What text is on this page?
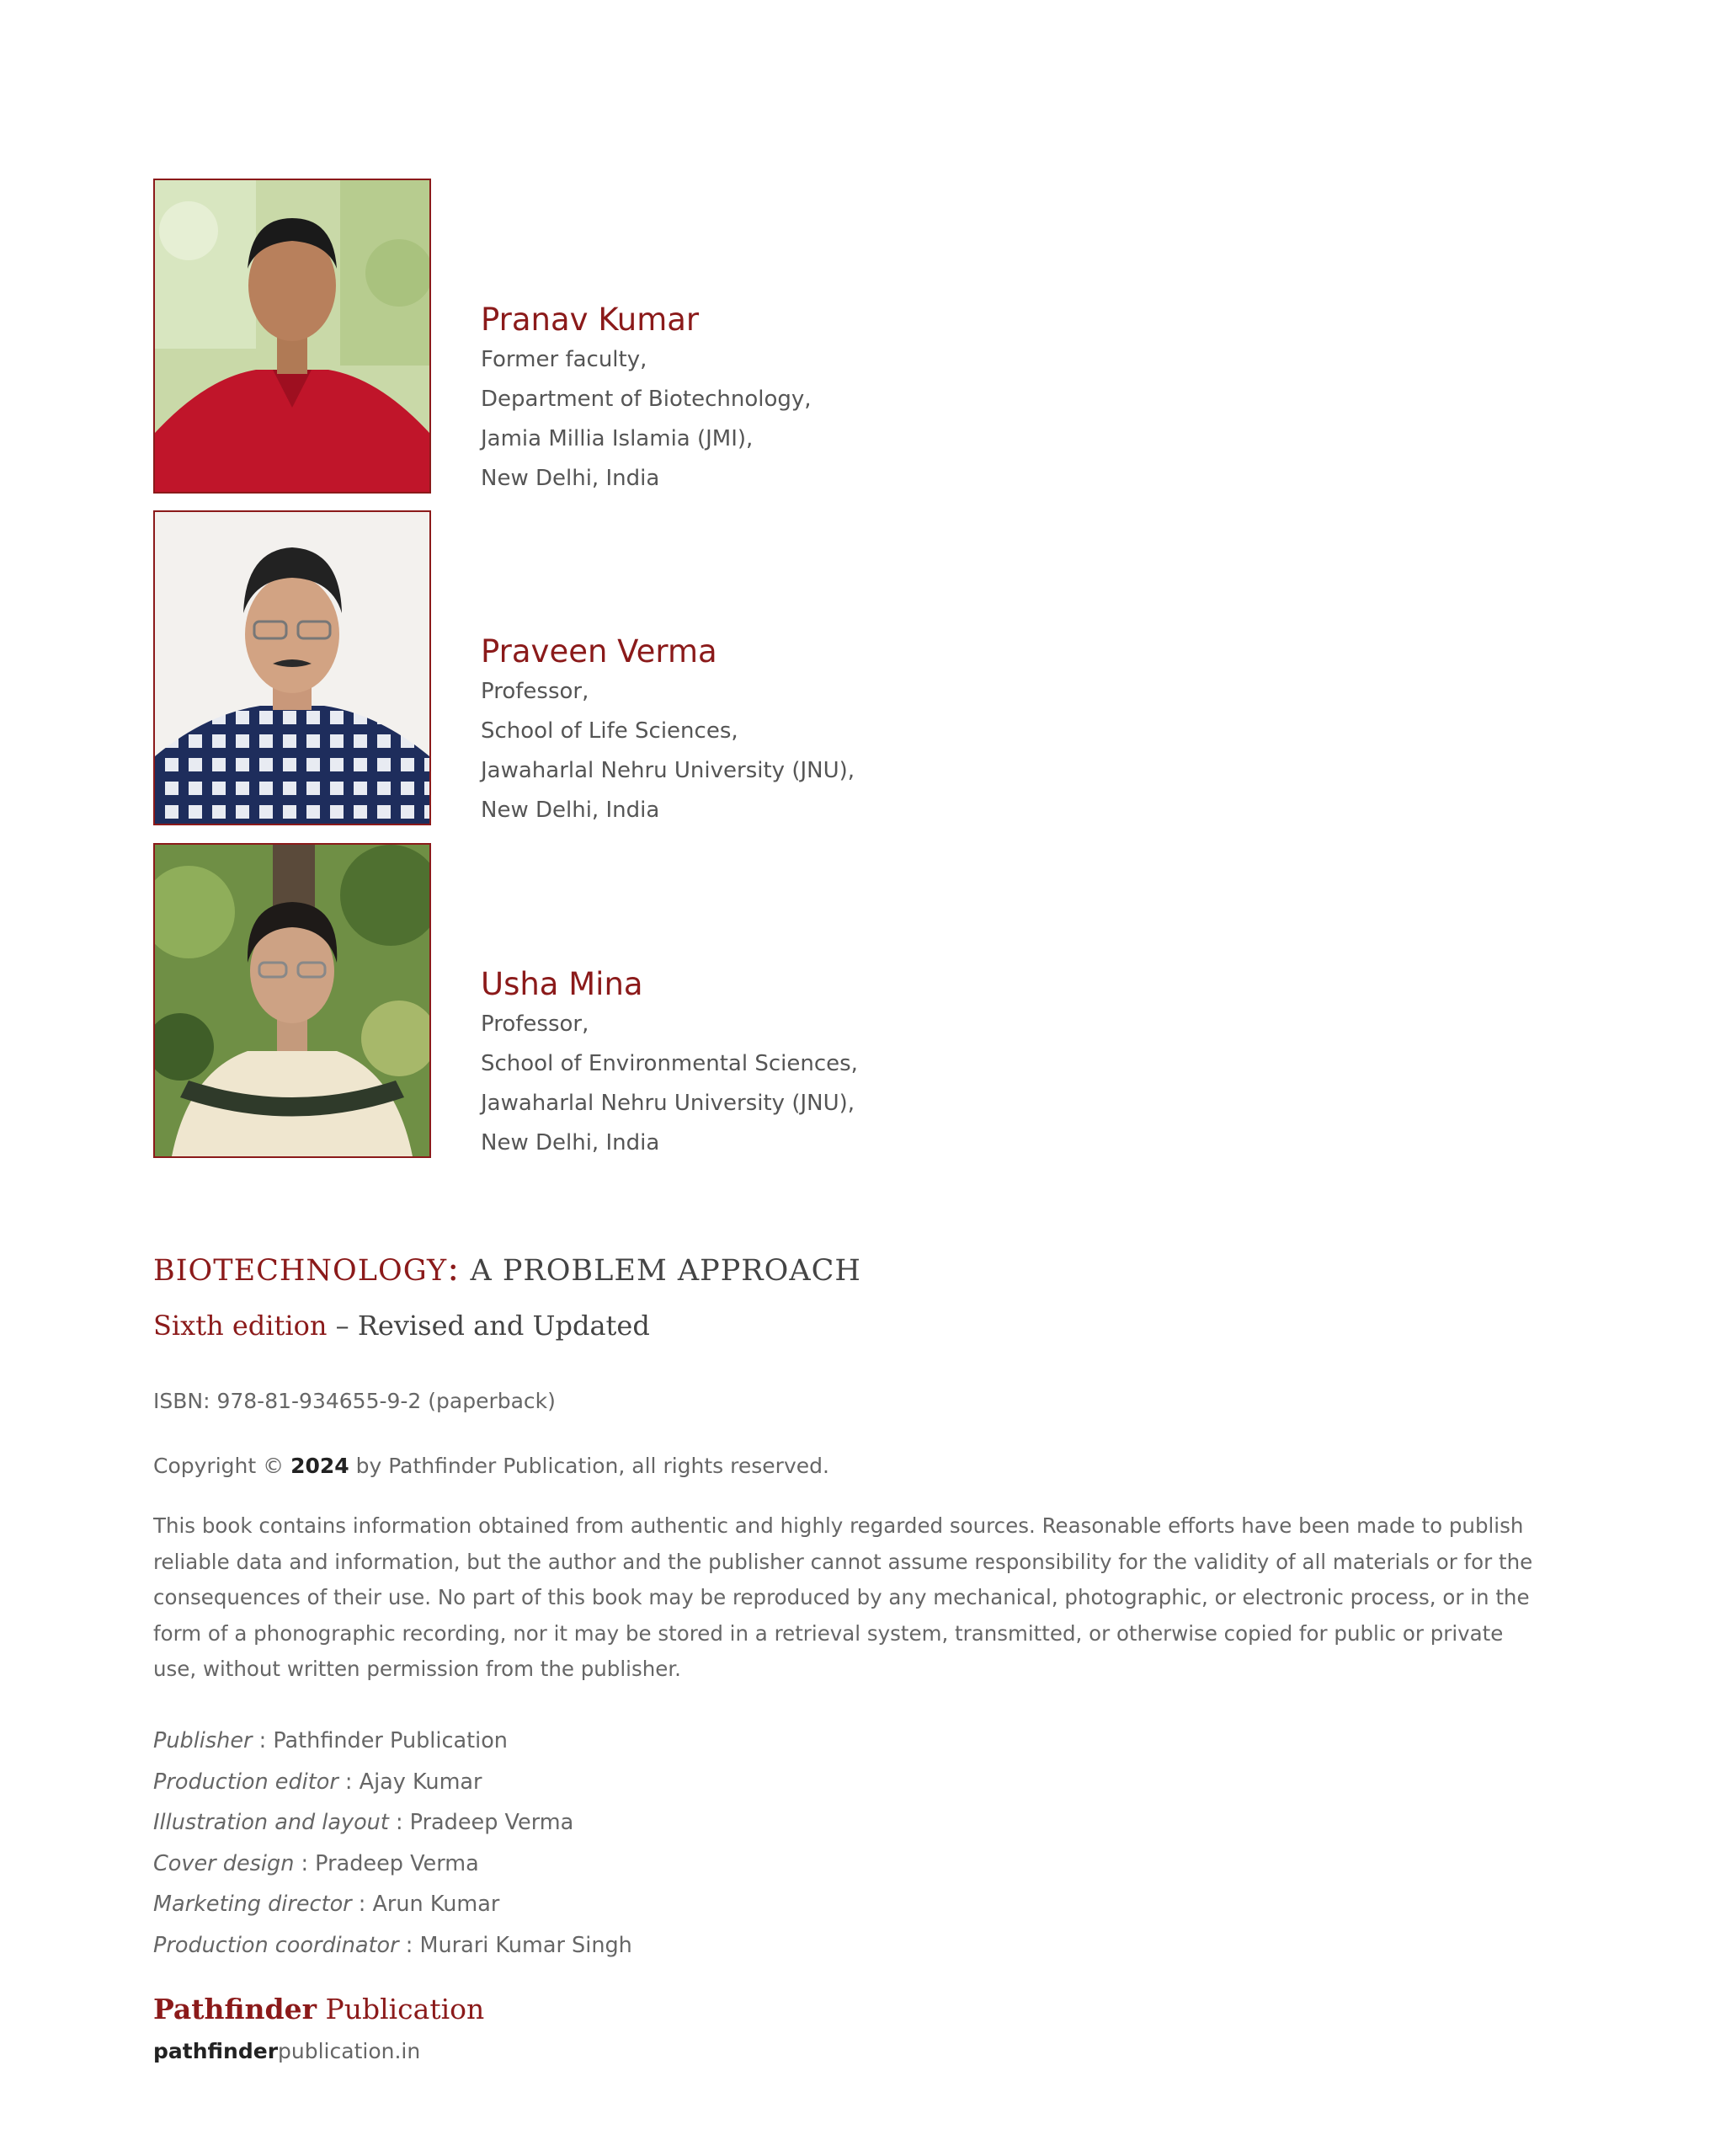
Pranav Kumar
Former faculty,
Department of Biotechnology,
Jamia Millia Islamia (JMI),
New Delhi, India
Praveen Verma
Professor,
School of Life Sciences,
Jawaharlal Nehru University (JNU),
New Delhi, India
Usha Mina
Professor,
School of Environmental Sciences,
Jawaharlal Nehru University (JNU),
New Delhi, India
BIOTECHNOLOGY: A PROBLEM APPROACH
Sixth edition – Revised and Updated
ISBN: 978-81-934655-9-2 (paperback)
Copyright © 2024 by Pathfinder Publication, all rights reserved.
This book contains information obtained from authentic and highly regarded sources. Reasonable efforts have been made to publish reliable data and information, but the author and the publisher cannot assume responsibility for the validity of all materials or for the consequences of their use. No part of this book may be reproduced by any mechanical, photographic, or electronic process, or in the form of a phonographic recording, nor it may be stored in a retrieval system, transmitted, or otherwise copied for public or private use, without written permission from the publisher.
Publisher : Pathfinder Publication
Production editor : Ajay Kumar
Illustration and layout : Pradeep Verma
Cover design : Pradeep Verma
Marketing director : Arun Kumar
Production coordinator : Murari Kumar Singh
Pathfinder Publication
pathfinderpublication.in
